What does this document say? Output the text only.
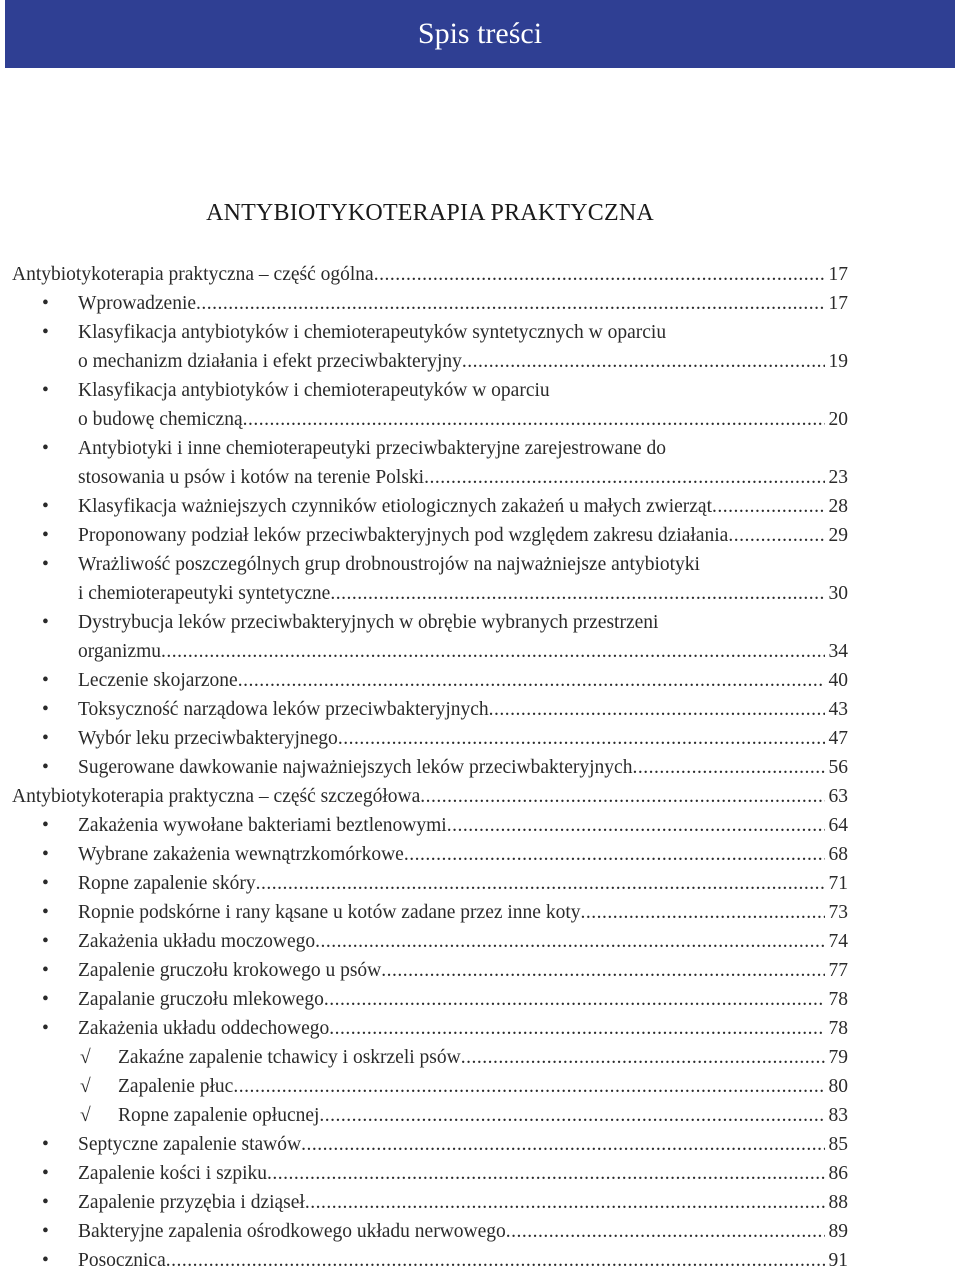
Spis treści
ANTYBIOTYKOTERAPIA PRAKTYCZNA
Antybiotykoterapia praktyczna – część ogólna .....	17
• Wprowadzenie .....	17
• Klasyfikacja antybiotyków i chemioterapeutyków syntetycznych w oparciu
o mechanizm działania i efekt przeciwbakteryjny .....	19
• Klasyfikacja antybiotyków i chemioterapeutyków w oparciu
o budowę chemiczną .....	20
• Antybiotyki i inne chemioterapeutyki przeciwbakteryjne zarejestrowane do
stosowania u psów i kotów na terenie Polski .....	23
• Klasyfikacja ważniejszych czynników etiologicznych zakażeń u małych zwierząt .....	28
• Proponowany podział leków przeciwbakteryjnych pod względem zakresu działania .....	29
• Wrażliwość poszczególnych grup drobnoustrojów na najważniejsze antybiotyki
i chemioterapeutyki syntetyczne .....	30
• Dystrybucja leków przeciwbakteryjnych w obrębie wybranych przestrzeni
organizmu .....	34
• Leczenie skojarzone .....	40
• Toksyczność narządowa leków przeciwbakteryjnych .....	43
• Wybór leku przeciwbakteryjnego .....	47
• Sugerowane dawkowanie najważniejszych leków przeciwbakteryjnych .....	56
Antybiotykoterapia praktyczna – część szczegółowa .....	63
• Zakażenia wywołane bakteriami beztlenowymi .....	64
• Wybrane zakażenia wewnątrzkomórkowe .....	68
• Ropne zapalenie skóry .....	71
• Ropnie podskórne i rany kąsane u kotów zadane przez inne koty .....	73
• Zakażenia układu moczowego .....	74
• Zapalenie gruczołu krokowego u psów .....	77
• Zapalanie gruczołu mlekowego .....	78
• Zakażenia układu oddechowego .....	78
√ Zakaźne zapalenie tchawicy i oskrzeli psów .....	79
√ Zapalenie płuc .....	80
√ Ropne zapalenie opłucnej .....	83
• Septyczne zapalenie stawów .....	85
• Zapalenie kości i szpiku .....	86
• Zapalenie przyzębia i dziąseł .....	88
• Bakteryjne zapalenia ośrodkowego układu nerwowego .....	89
• Posocznica .....	91
